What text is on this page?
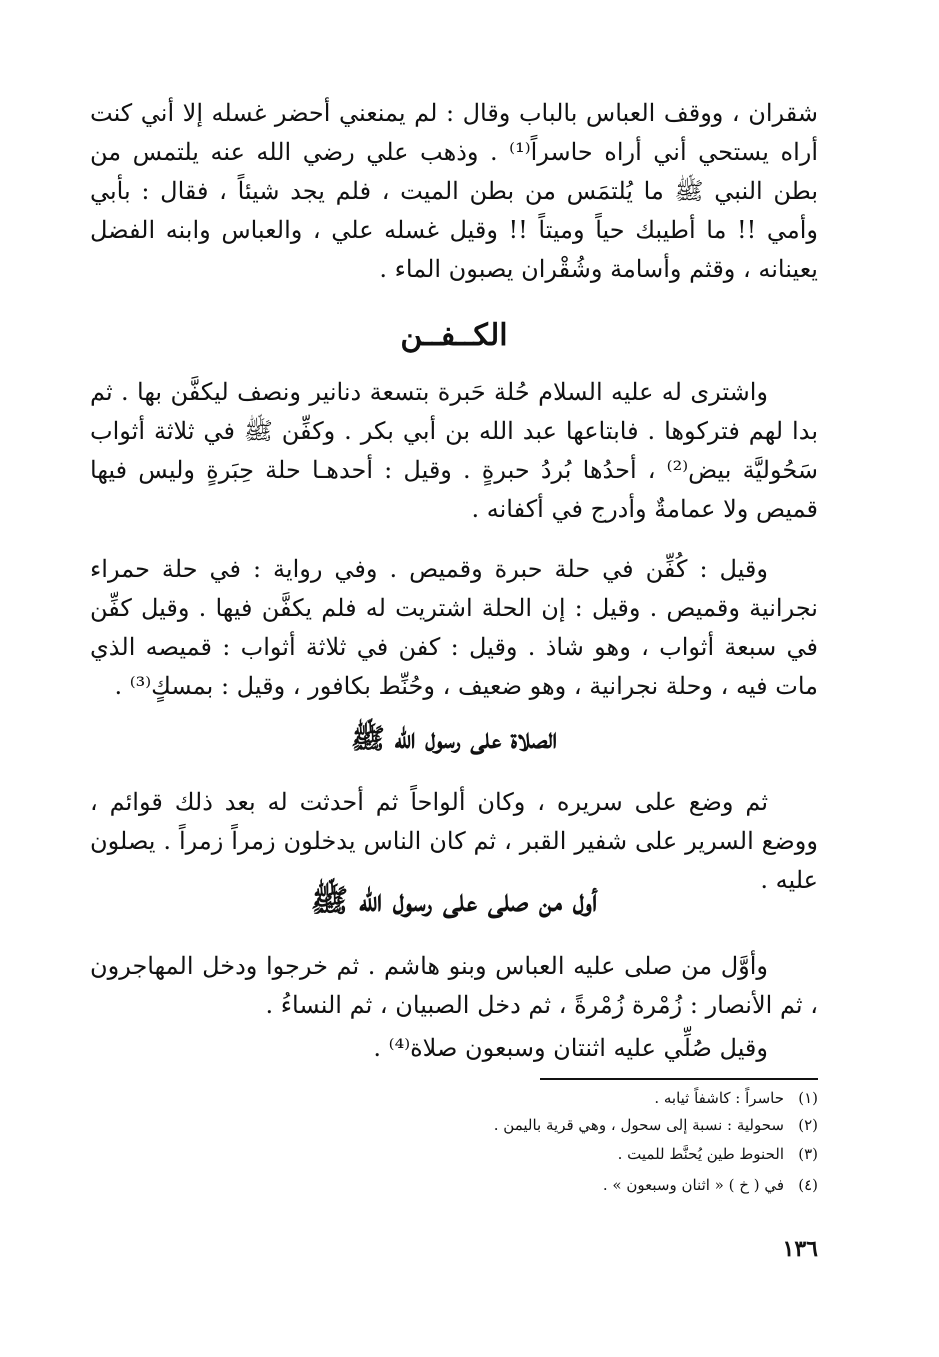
شقران ، ووقف العباس بالباب وقال : لم يمنعني أحضر غسله إلا أني كنت أراه يستحي أني أراه حاسراً⁽¹⁾ . وذهب علي رضي الله عنه يلتمس من بطن النبي ﷺ ما يُلتمَس من بطن الميت ، فلم يجد شيئاً ، فقال : بأبي وأمي !! ما أطيبك حياً وميتاً !! وقيل غسله علي ، والعباس وابنه الفضل يعينانه ، وقثم وأسامة وشُقْران يصبون الماء .

الكــفــن

واشترى له عليه السلام حُلة حَبرة بتسعة دنانير ونصف ليكفَّن بها . ثم بدا لهم فتركوها . فابتاعها عبد الله بن أبي بكر . وكفِّن ﷺ في ثلاثة أثواب سَحُوليَّة بيض⁽²⁾ ، أحدُها بُردُ حبرةٍ . وقيل : أحدهـا حلة حِبَرةٍ وليس فيها قميص ولا عمامةٌ وأدرج في أكفانه .

وقيل : كُفِّن في حلة حبرة وقميص . وفي رواية : في حلة حمراء نجرانية وقميص . وقيل : إن الحلة اشتريت له فلم يكفَّن فيها . وقيل كفِّن في سبعة أثواب ، وهو شاذ . وقيل : كفن في ثلاثة أثواب : قميصه الذي مات فيه ، وحلة نجرانية ، وهو ضعيف ، وحُنِّط بكافور ، وقيل : بمسكٍ⁽³⁾ .

الصلاة على رسول الله ﷺ

ثم وضع على سريره ، وكان ألواحاً ثم أحدثت له بعد ذلك قوائم ، ووضع السرير على شفير القبر ، ثم كان الناس يدخلون زمراً زمراً . يصلون عليه .

أول من صلى على رسول الله ﷺ

وأوَّل من صلى عليه العباس وبنو هاشم . ثم خرجوا ودخل المهاجرون ، ثم الأنصار : زُمْرة زُمْرةً ، ثم دخل الصبيان ، ثم النساءُ .

وقيل صُلِّي عليه اثنتان وسبعون صلاة⁽⁴⁾ .

(١)حاسراً : كاشفاً ثيابه .

(٢)سحولية : نسبة إلى سحول ، وهي قرية باليمن .

(٣)الحنوط طين يُحنَّط للميت .

(٤)في ( خ ) « اثنان وسبعون » .

١٣٦
